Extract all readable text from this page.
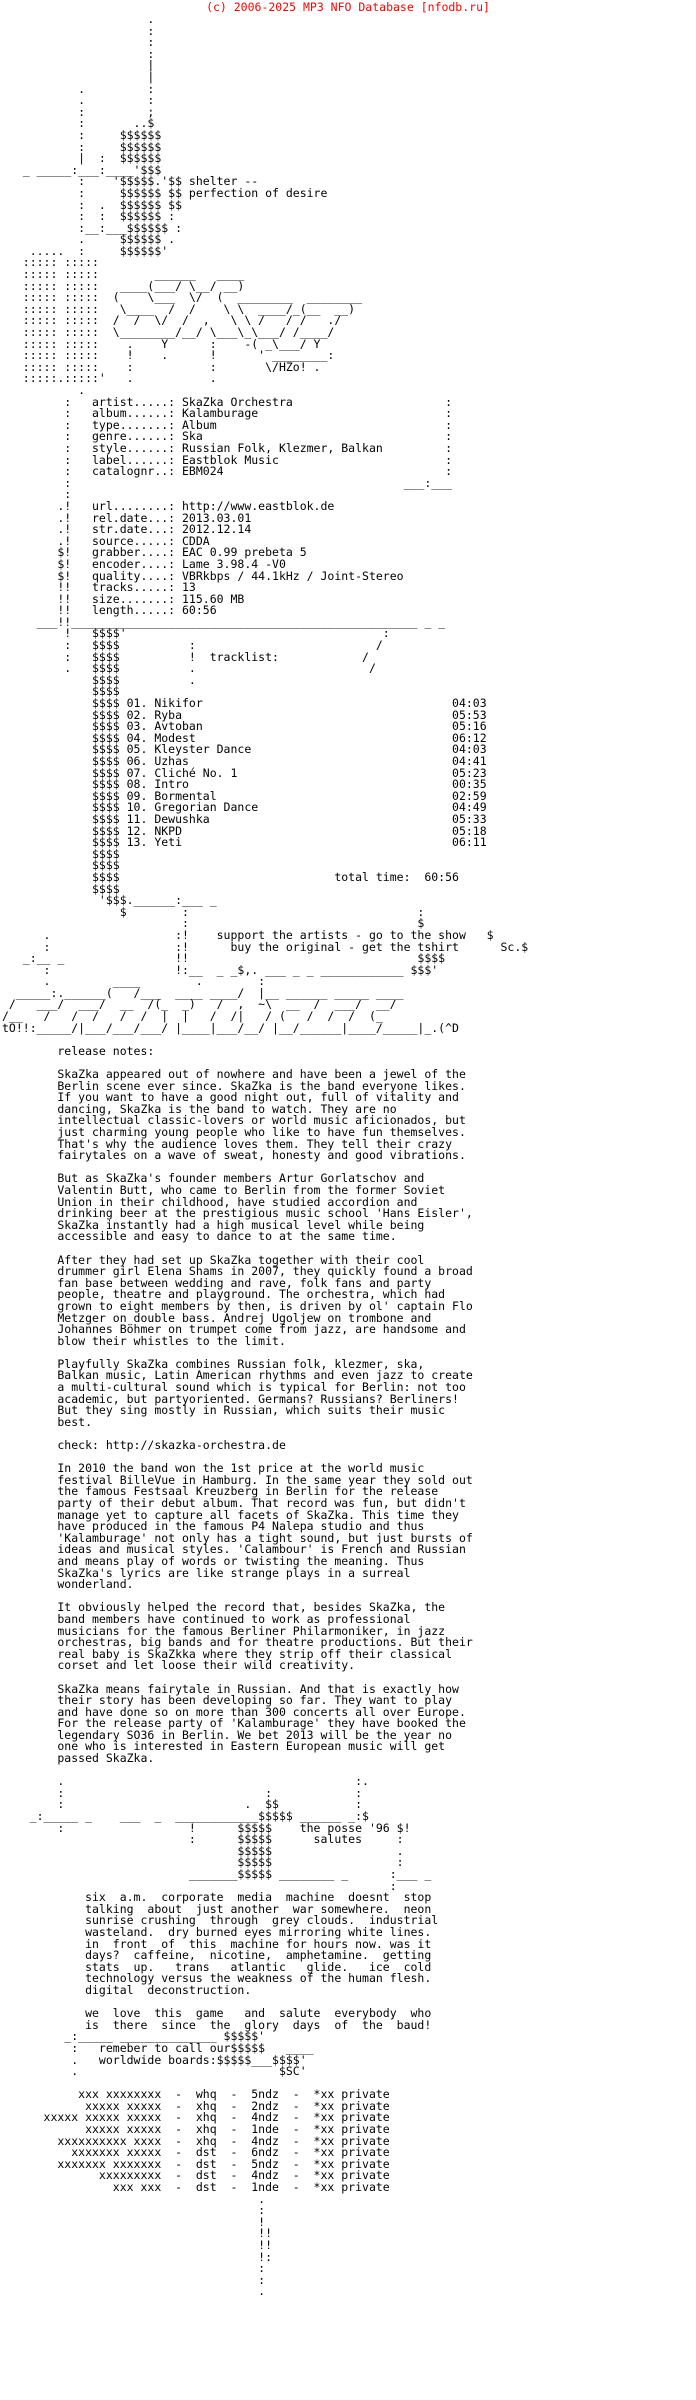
(c) 2006-2025 MP3 NFO Database [nfodb.ru]
.
:
:
:
|
|
.         :
.         :
:         ;
:       ..$
:     $$$$$$
:     $$$$$$
|  :  $$$$$$
_ _____:___:____'$$$
:    '$$$$$.'$$ shelter --
:     $$$$$$ $$ perfection of desire
:  .  $$$$$$ $$
:  :  $$$$$$ :
:__:___$$$$$$ :
.     $$$$$$ .
.....  :     $$$$$$'
::::: :::::
::::: :::::        ______   ____
::::: :::::   ____(___/ \__/ __)
::::: :::::  (    \___  \/  (  ________  ________
::::: :::::   \____  /  /    \ \  ____/_(__  __)
::::: :::::  /  /  \/  /  ,   \ \ /   / /   ./
::::: :::::  \________/__/ \___\_\___/ /____/
::::: :::::    .    Y      :    -( _\___/ Y
::::: :::::    !    .      !      ' ________:
::::: :::::    :           :       \/HZo! .
:::::.:::::'   .           .
.
:   artist.....: SkaZka Orchestra                      :
:   album......: Kalamburage                           :
:   type.......: Album                                 :
:   genre......: Ska                                   :
:   style......: Russian Folk, Klezmer, Balkan         :
:   label......: Eastblok Music                        :
:   catalognr..: EBM024                                :
:                                                ___:___
:
.!   url........: http://www.eastblok.de
.!   rel.date...: 2013.03.01
.!   str.date...: 2012.12.14
.!   source.....: CDDA
$!   grabber....: EAC 0.99 prebeta 5
$!   encoder....: Lame 3.98.4 -V0
$!   quality....: VBRkbps / 44.1kHz / Joint-Stereo
!!   tracks.....: 13
!!   size.......: 115.60 MB
!!   length.....: 60:56
___!!__________________________________________________ _ _
!   $$$$'                                     :
:   $$$$          :                          /
:   $$$$          !  tracklist:            /
.   $$$$          .                         /
$$$$          .
$$$$
$$$$ 01. Nikifor                                    04:03
$$$$ 02. Ryba                                       05:53
$$$$ 03. Avtoban                                    05:16
$$$$ 04. Modest                                     06:12
$$$$ 05. Kleyster Dance                             04:03
$$$$ 06. Uzhas                                      04:41
$$$$ 07. Cliché No. 1                               05:23
$$$$ 08. Intro                                      00:35
$$$$ 09. Bormental                                  02:59
$$$$ 10. Gregorian Dance                            04:49
$$$$ 11. Dewushka                                   05:33
$$$$ 12. NKPD                                       05:18
$$$$ 13. Yeti                                       06:11
$$$$
$$$$
$$$$                               total time:  60:56
$$$$
'$$$.______:___ _
$        :                                 :
:                                 $
.                  :!    support the artists - go to the show   $
:                  :!      buy the original - get the tshirt      Sc.$
_:__ _                !!                                 $$$$
:                  !:__  _ _$,. ___ _ _ ____________ $$$'
.         ____        .        :
_____:.______(   /___  ____ ____/  |__ ______ _____ ____
/   ___/  ___/  __  /(_  _)   /  ,  ~\  __  /  ___/  __/
/__   /   /  /   /  /  |  |   /  /|   / (   /  /  /  (_
tO!!:_____/|___/___/___/ |____|___/__/ |__/______|____/_____|_.(^D

release notes:

SkaZka appeared out of nowhere and have been a jewel of the
Berlin scene ever since. SkaZka is the band everyone likes.
If you want to have a good night out, full of vitality and
dancing, SkaZka is the band to watch. They are no
intellectual classic-lovers or world music aficionados, but
just charming young people who like to have fun themselves.
That's why the audience loves them. They tell their crazy
fairytales on a wave of sweat, honesty and good vibrations.

But as SkaZka's founder members Artur Gorlatschov and
Valentin Butt, who came to Berlin from the former Soviet
Union in their childhood, have studied accordion and
drinking beer at the prestigious music school 'Hans Eisler',
SkaZka instantly had a high musical level while being
accessible and easy to dance to at the same time.

After they had set up SkaZka together with their cool
drummer girl Elena Shams in 2007, they quickly found a broad
fan base between wedding and rave, folk fans and party
people, theatre and playground. The orchestra, which had
grown to eight members by then, is driven by ol' captain Flo
Metzger on double bass. Andrej Ugoljew on trombone and
Johannes Böhmer on trumpet come from jazz, are handsome and
blow their whistles to the limit.

Playfully SkaZka combines Russian folk, klezmer, ska,
Balkan music, Latin American rhythms and even jazz to create
a multi-cultural sound which is typical for Berlin: not too
academic, but partyoriented. Germans? Russians? Berliners!
But they sing mostly in Russian, which suits their music
best.

check: http://skazka-orchestra.de

In 2010 the band won the 1st price at the world music
festival BilleVue in Hamburg. In the same year they sold out
the famous Festsaal Kreuzberg in Berlin for the release
party of their debut album. That record was fun, but didn't
manage yet to capture all facets of SkaZka. This time they
have produced in the famous P4 Nalepa studio and thus
'Kalamburage' not only has a tight sound, but just bursts of
ideas and musical styles. 'Calambour' is French and Russian
and means play of words or twisting the meaning. Thus
SkaZka's lyrics are like strange plays in a surreal
wonderland.

It obviously helped the record that, besides SkaZka, the
band members have continued to work as professional
musicians for the famous Berliner Philarmoniker, in jazz
orchestras, big bands and for theatre productions. But their
real baby is SkaZkka where they strip off their classical
corset and let loose their wild creativity.

SkaZka means fairytale in Russian. And that is exactly how
their story has been developing so far. They want to play
and have done so on more than 300 concerts all over Europe.
For the release party of 'Kalamburage' they have booked the
legendary SO36 in Berlin. We bet 2013 will be the year no
one who is interested in Eastern European music will get
passed SkaZka.

.                                          :.
:                             :            :
:                          .  $$           :
_:_____ _    ___  _  ____________$$$$$ ______ _:$
:                  !      $$$$$    the posse '96 $!
:      $$$$$      salutes     :
$$$$$                  .
$$$$$                  :
_______$$$$$ ________ _      :___ _
:
six  a.m.  corporate  media  machine  doesnt  stop
talking  about  just another  war somewhere.  neon
sunrise crushing  through  grey clouds.  industrial
wasteland.  dry burned eyes mirroring white lines.
in  front  of  this  machine for hours now. was it
days?  caffeine,  nicotine,  amphetamine.  getting
stats  up.   trans   atlantic   glide.   ice  cold
technology versus the weakness of the human flesh.
digital  deconstruction.

we  love  this  game   and  salute  everybody  who
is  there  since  the  glory  days  of  the  baud!
_:_____ ______________ $$$$$'
:   remeber to call our$$$$$   ____
.   worldwide boards:$$$$$___$$$$'
.                             $SC'

xxx xxxxxxxx  -  whq  -  5ndz  -  *xx private
xxxxx xxxxx  -  xhq  -  2ndz  -  *xx private
xxxxx xxxxx xxxxx  -  xhq  -  4ndz  -  *xx private
xxxxx xxxxx  -  xhq  -  1nde  -  *xx private
xxxxxxxxxx xxxx  -  xhq  -  4ndz  -  *xx private
xxxxxxx xxxxx  -  dst  -  6ndz  -  *xx private
xxxxxxx xxxxxxx  -  dst  -  5ndz  -  *xx private
xxxxxxxxx  -  dst  -  4ndz  -  *xx private
xxx xxx  -  dst  -  1nde  -  *xx private
.
:
!
!!
!!
!:
:
:
.
